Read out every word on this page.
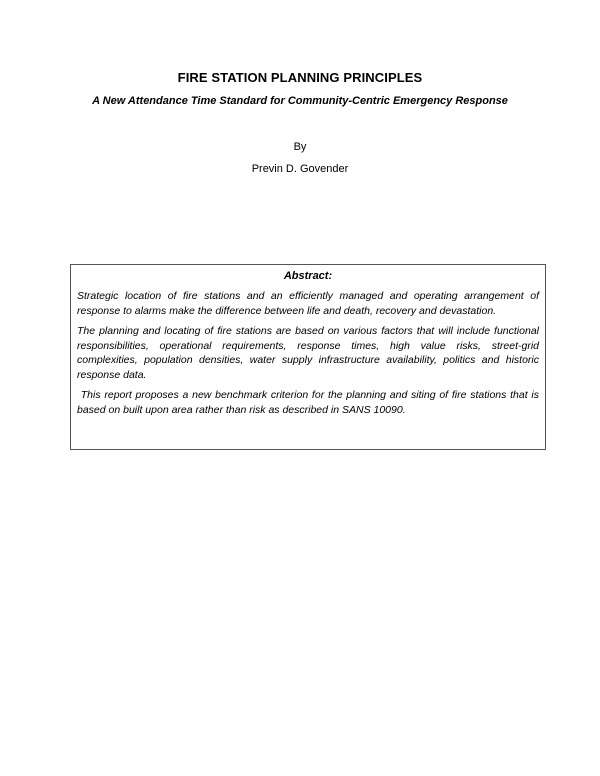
FIRE STATION PLANNING PRINCIPLES
A New Attendance Time Standard for Community-Centric Emergency Response
By
Previn D. Govender
Abstract:

Strategic location of fire stations and an efficiently managed and operating arrangement of response to alarms make the difference between life and death, recovery and devastation.

The planning and locating of fire stations are based on various factors that will include functional responsibilities, operational requirements, response times, high value risks, street-grid complexities, population densities, water supply infrastructure availability, politics and historic response data.

This report proposes a new benchmark criterion for the planning and siting of fire stations that is based on built upon area rather than risk as described in SANS 10090.
